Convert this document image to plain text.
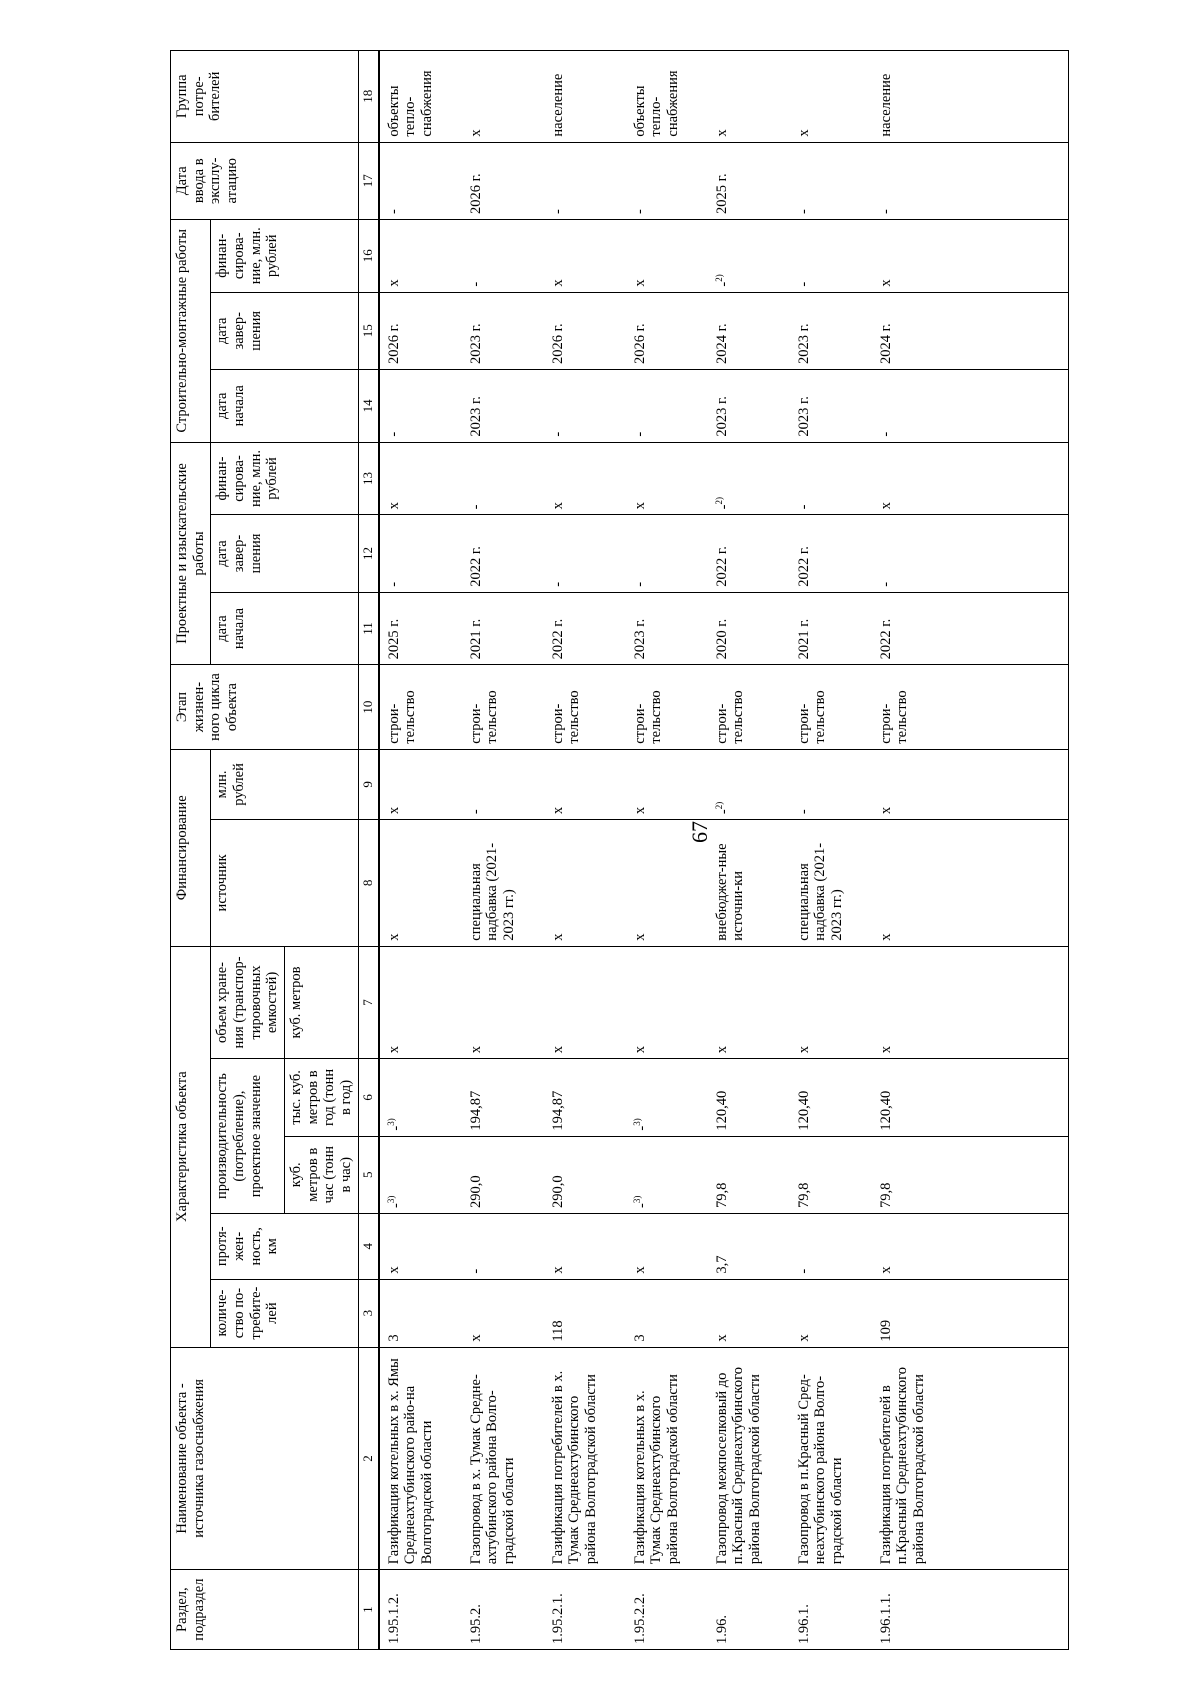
67
Раздел, подраздел	Наименование объекта - источника газоснабжения	Характеристика объекта					Финансирование		Этап жизнен-ного цикла объекта	Проектные и изыскательские работы			Строительно-монтажные работы			Дата ввода в эксплу-атацию	Группа потре-бителей
		количе-ство по-требите-лей	протя-жен-ность, км	производительность (потребление), проектное значение		объем хране-ния (транспор-тировочных емкостей)	источник	млн. рублей		дата начала	дата завер-шения	финан-сирова-ние, млн. рублей	дата начала	дата завер-шения	финан-сирова-ние, млн. рублей		
				куб. метров в час (тонн в час)	тыс. куб. метров в год (тонн в год)	куб. метров											
1	2	3	4	5	6	7	8	9	10	11	12	13	14	15	16	17	18
1.95.1.2.	Газификация котельных в х. Ямы Среднеахтубинского райо-на Волгоградской области	3	x	-$^{3)}$	-$^{3)}$	x	x	x	строи-тельство	2025 г.	-	x	-	2026 г.	x	-	объекты тепло-снабжения
1.95.2.	Газопровод в х. Тумак Средне-ахтубинского района Волго-градской области	x	-	290,0	194,87	x	специальная надбавка (2021-2023 гг.)	-	строи-тельство	2021 г.	2022 г.	-	2023 г.	2023 г.	-	2026 г.	x
1.95.2.1.	Газификация потребителей в х. Тумак Среднеахтубинского района Волгоградской области	118	x	290,0	194,87	x	x	x	строи-тельство	2022 г.	-	x	-	2026 г.	x	-	население
1.95.2.2.	Газификация котельных в х. Тумак Среднеахтубинского района Волгоградской области	3	x	-$^{3)}$	-$^{3)}$	x	x	x	строи-тельство	2023 г.	-	x	-	2026 г.	x	-	объекты тепло-снабжения
1.96.	Газопровод межпоселковый до п.Красный Среднеахтубинского района Волгоградской области	x	3,7	79,8	120,40	x	внебюджет-ные источни-ки	-$^{2)}$	строи-тельство	2020 г.	2022 г.	-$^{2)}$	2023 г.	2024 г.	-$^{2)}$	2025 г.	x
1.96.1.	Газопровод в п.Красный Сред-неахтубинского района Волго-градской области	x	-	79,8	120,40	x	специальная надбавка (2021-2023 гг.)	-	строи-тельство	2021 г.	2022 г.	-	2023 г.	2023 г.	-	-	x
1.96.1.1.	Газификация потребителей в п.Красный Среднеахтубинского района Волгоградской области	109	x	79,8	120,40	x	x	x	строи-тельство	2022 г.	-	x	-	2024 г.	x	-	население
